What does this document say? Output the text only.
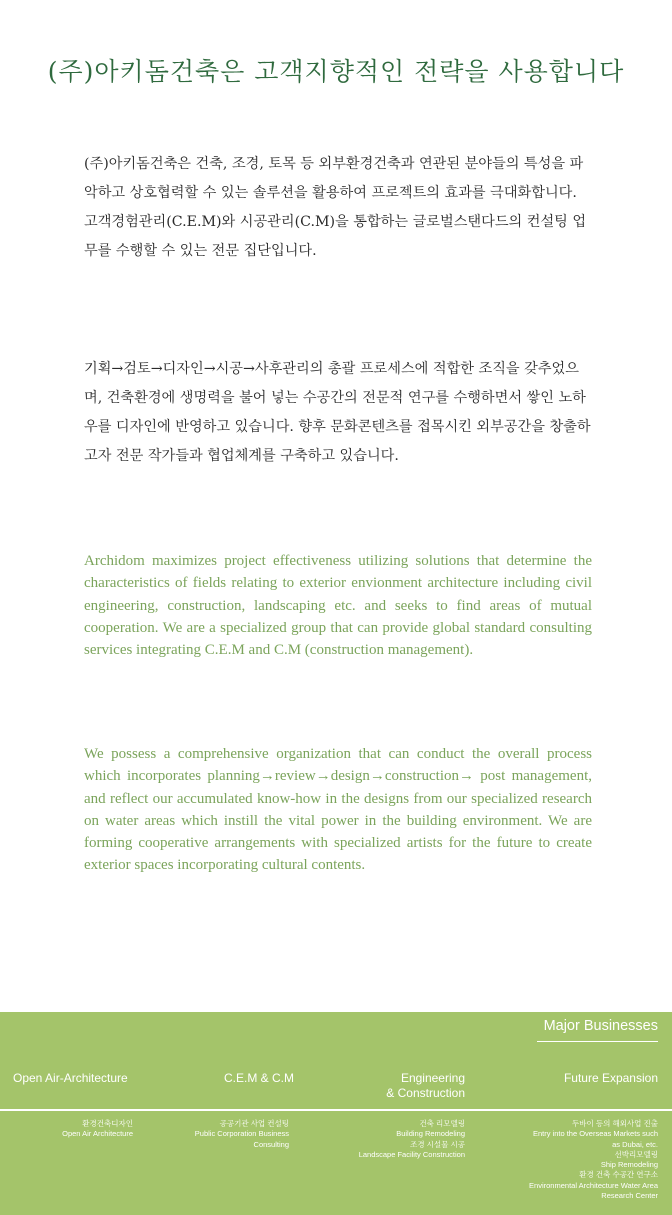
(주)아키돔건축은 고객지향적인 전략을 사용합니다

(주)아키돔건축은 건축, 조경, 토목 등 외부환경건축과 연관된 분야들의 특성을 파악하고 상호협력할 수 있는 솔루션을 활용하여 프로젝트의 효과를 극대화합니다. 고객경험관리(C.E.M)와 시공관리(C.M)을 통합하는 글로벌스탠다드의 컨설팅 업무를 수행할 수 있는 전문 집단입니다.

기획→검토→디자인→시공→사후관리의 총괄 프로세스에 적합한 조직을 갖추었으며, 건축환경에 생명력을 불어 넣는 수공간의 전문적 연구를 수행하면서 쌓인 노하우를 디자인에 반영하고 있습니다. 향후 문화콘텐츠를 접목시킨 외부공간을 창출하고자 전문 작가들과 협업체계를 구축하고 있습니다.

Archidom maximizes project effectiveness utilizing solutions that determine the characteristics of fields relating to exterior envionment architecture including civil engineering, construction, landscaping etc. and seeks to find areas of mutual cooperation. We are a specialized group that can provide global standard consulting services integrating C.E.M and C.M (construction management).

We possess a comprehensive organization that can conduct the overall process which incorporates planning→review→design→construction→ post management, and reflect our accumulated know-how in the designs from our specialized research on water areas which instill the vital power in the building environment. We are forming cooperative arrangements with specialized artists for the future to create exterior spaces incorporating cultural contents.

Major Businesses
Open Air-Architecture	C.E.M & C.M	Engineering
& Construction
Future Expansion
환경건축디자인
Open Air Architecture
공공기관 사업 컨설팅
Public Corporation Business
Consulting
건축 리모델링
Building Remodeling
조경 시설물 시공
Landscape Facility Construction
두바이 등의 해외사업 진출
Entry into the Overseas Markets such
as Dubai, etc.
선박리모델링
Ship Remodeling
환경 건축 수공간 연구소
Environmental Architecture Water Area
Research Center
